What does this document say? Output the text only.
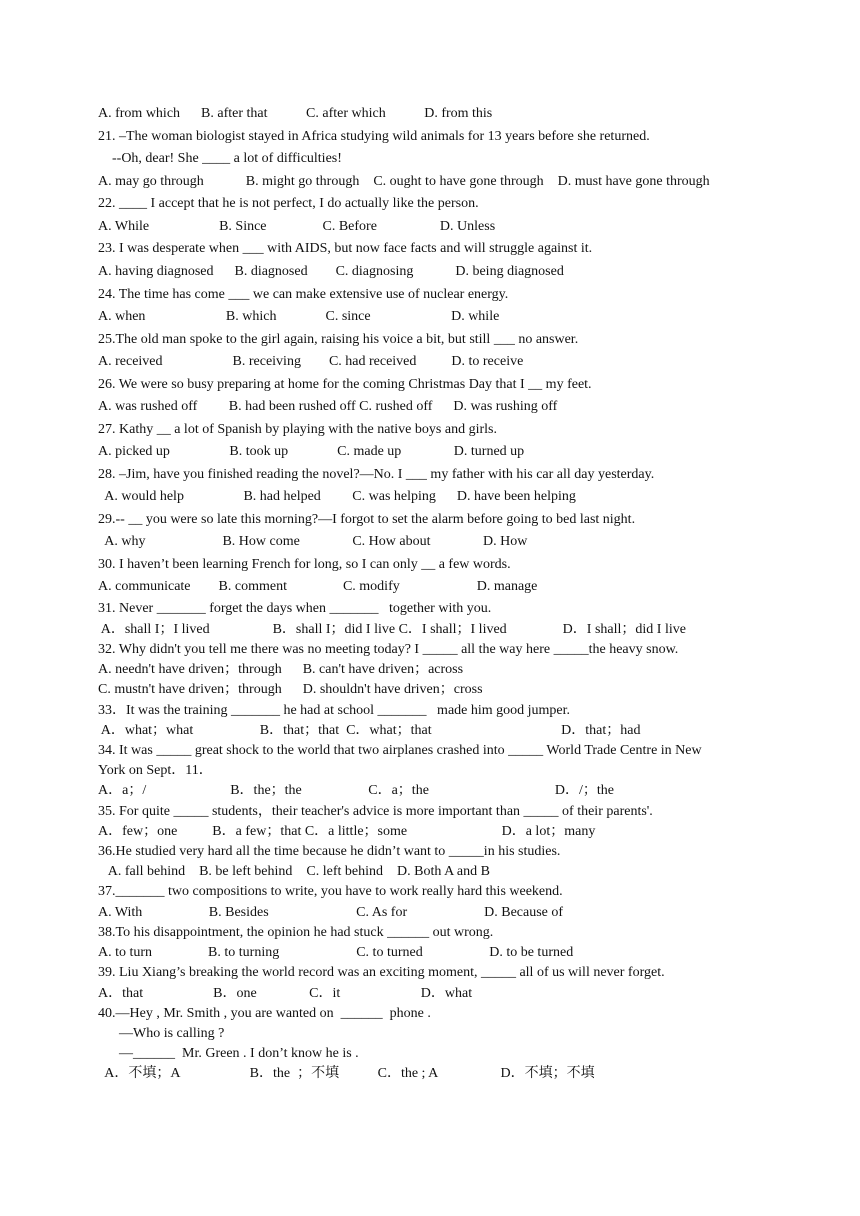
A. from which      B. after that           C. after which           D. from this
21. –The woman biologist stayed in Africa studying wild animals for 13 years before she returned.
--Oh, dear! She ____ a lot of difficulties!
A. may go through            B. might go through    C. ought to have gone through    D. must have gone through
22. ____ I accept that he is not perfect, I do actually like the person.
A. While                    B. Since                C. Before                  D. Unless
23. I was desperate when ___ with AIDS, but now face facts and will struggle against it.
A. having diagnosed      B. diagnosed        C. diagnosing            D. being diagnosed
24. The time has come ___ we can make extensive use of nuclear energy.
A. when                       B. which              C. since                       D. while
25.The old man spoke to the girl again, raising his voice a bit, but still ___ no answer.
A. received                    B. receiving        C. had received          D. to receive
26. We were so busy preparing at home for the coming Christmas Day that I __ my feet.
A. was rushed off         B. had been rushed off C. rushed off      D. was rushing off
27. Kathy __ a lot of Spanish by playing with the native boys and girls.
A. picked up                 B. took up              C. made up               D. turned up
28. –Jim, have you finished reading the novel?—No. I ___ my father with his car all day yesterday.
A. would help                 B. had helped         C. was helping      D. have been helping
29.-- __ you were so late this morning?—I forgot to set the alarm before going to bed last night.
A. why                      B. How come               C. How about               D. How
30. I haven’t been learning French for long, so I can only __ a few words.
A. communicate        B. comment                C. modify                      D. manage
31. Never _______ forget the days when _______   together with you.
A．shall I；I lived                  B．shall I；did I live C．I shall；I lived                D．I shall；did I live
32. Why didn't you tell me there was no meeting today? I _____ all the way here _____the heavy snow.
A. needn't have driven；through      B. can't have driven；across
C. mustn't have driven；through      D. shouldn't have driven；cross
33．It was the training _______ he had at school _______   made him good jumper.
A．what；what                   B．that；that  C．what；that                                     D．that；had
34. It was _____ great shock to the world that two airplanes crashed into _____ World Trade Centre in New
York on Sept．11．
A．a；/                        B．the；the                   C．a；the                                    D．/；the
35. For quite _____ students，their teacher's advice is more important than _____ of their parents'.
A．few；one          B．a few；that C．a little；some                           D．a lot；many
36.He studied very hard all the time because he didn’t want to _____in his studies.
A. fall behind    B. be left behind    C. left behind    D. Both A and B
37._______ two compositions to write, you have to work really hard this weekend.
A. With                   B. Besides                         C. As for                      D. Because of
38.To his disappointment, the opinion he had stuck ______ out wrong.
A. to turn                B. to turning                      C. to turned                   D. to be turned
39. Liu Xiang’s breaking the world record was an exciting moment, _____ all of us will never forget.
A．that                    B．one               C．it                       D．what
40.—Hey , Mr. Smith , you are wanted on  ______  phone .
—Who is calling ?
—______  Mr. Green . I don’t know he is .
A．不填；A                    B．the  ；不填           C．the ; A                  D．不填；不填
